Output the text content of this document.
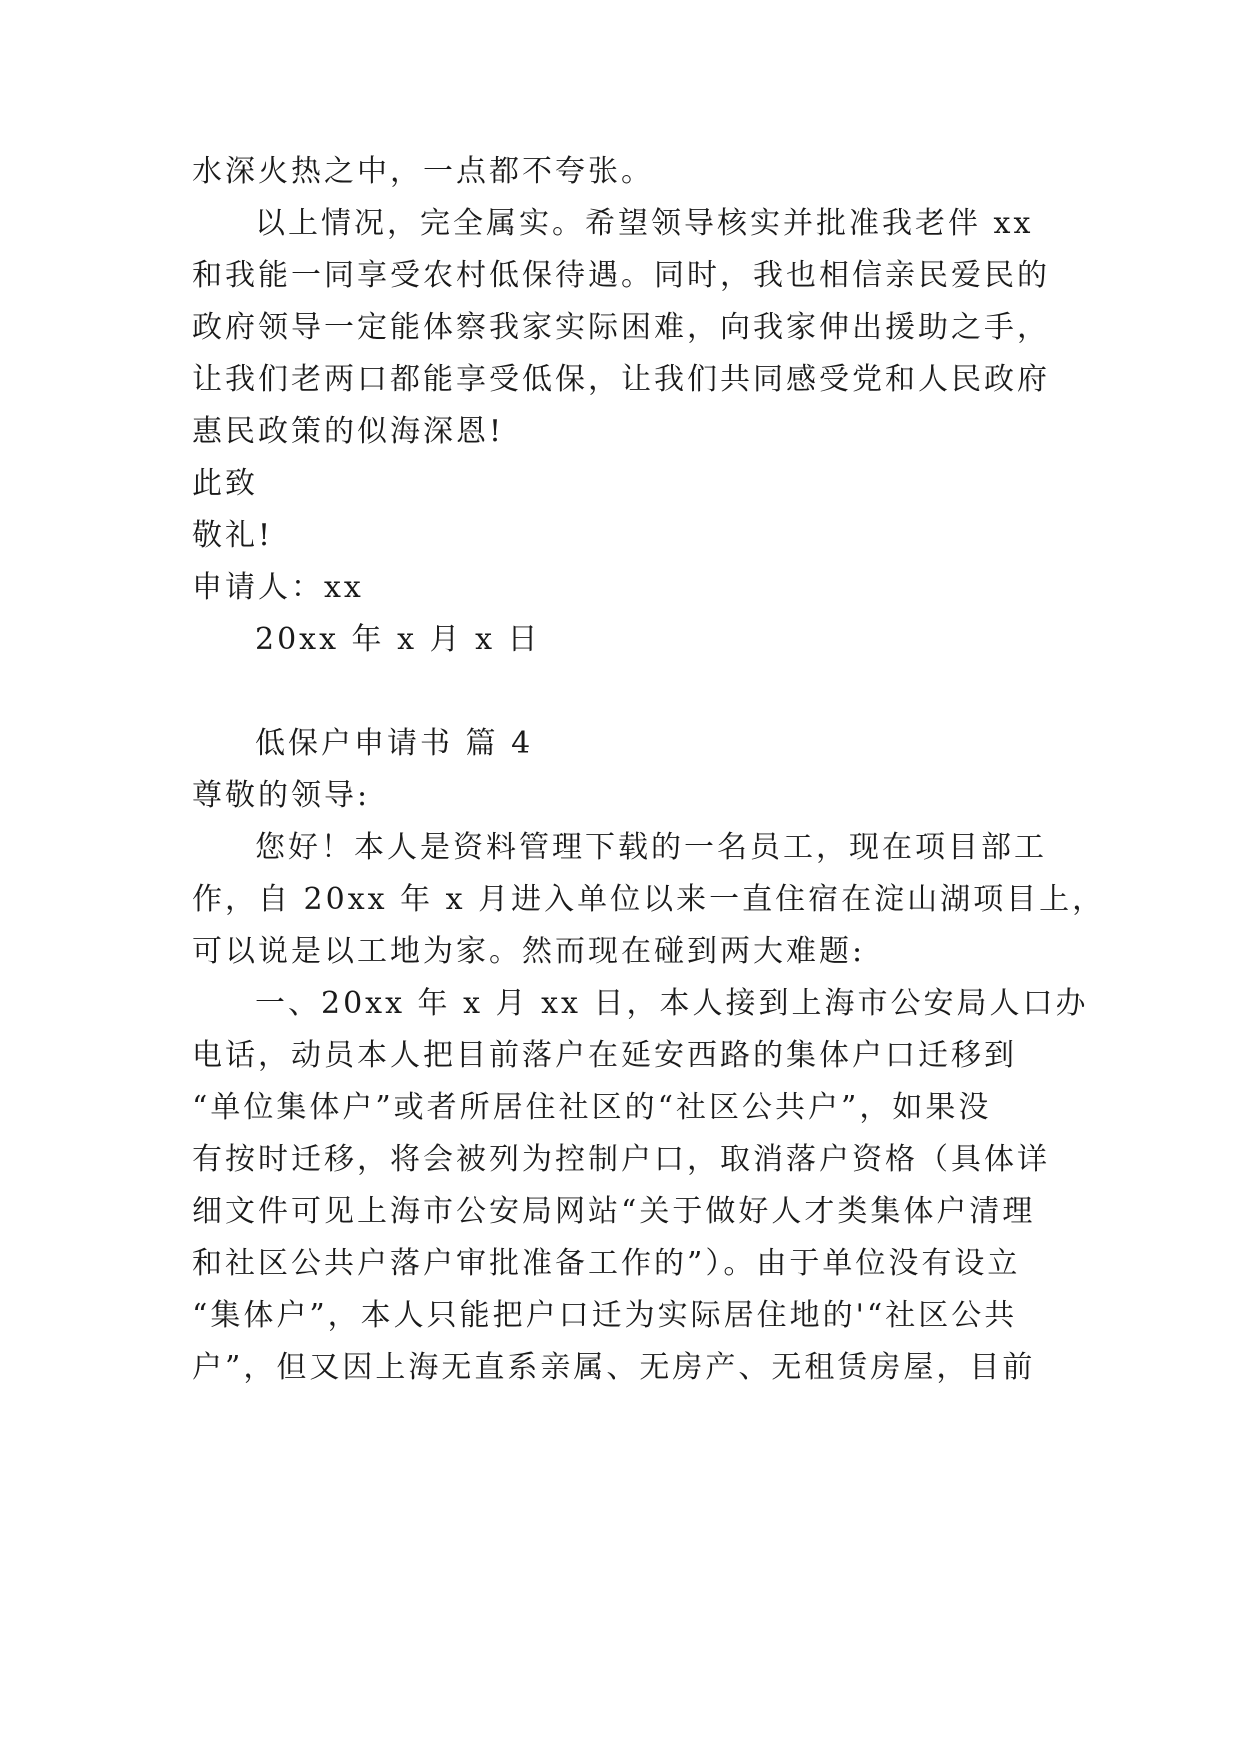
水深火热之中，一点都不夸张。

以上情况，完全属实。希望领导核实并批准我老伴 xx

和我能一同享受农村低保待遇。同时，我也相信亲民爱民的

政府领导一定能体察我家实际困难，向我家伸出援助之手，

让我们老两口都能享受低保，让我们共同感受党和人民政府

惠民政策的似海深恩!

此致

敬礼!

申请人：xx

20xx 年 x 月 x 日

低保户申请书 篇 4

尊敬的领导:

您好！本人是资料管理下载的一名员工，现在项目部工

作，自 20xx 年 x 月进入单位以来一直住宿在淀山湖项目上，

可以说是以工地为家。然而现在碰到两大难题:

一、20xx 年 x 月 xx 日，本人接到上海市公安局人口办

电话，动员本人把目前落户在延安西路的集体户口迁移到

“单位集体户”或者所居住社区的“社区公共户”，如果没

有按时迁移，将会被列为控制户口，取消落户资格（具体详

细文件可见上海市公安局网站“关于做好人才类集体户清理

和社区公共户落户审批准备工作的”）。由于单位没有设立

“集体户”，本人只能把户口迁为实际居住地的'“社区公共

户”，但又因上海无直系亲属、无房产、无租赁房屋，目前
